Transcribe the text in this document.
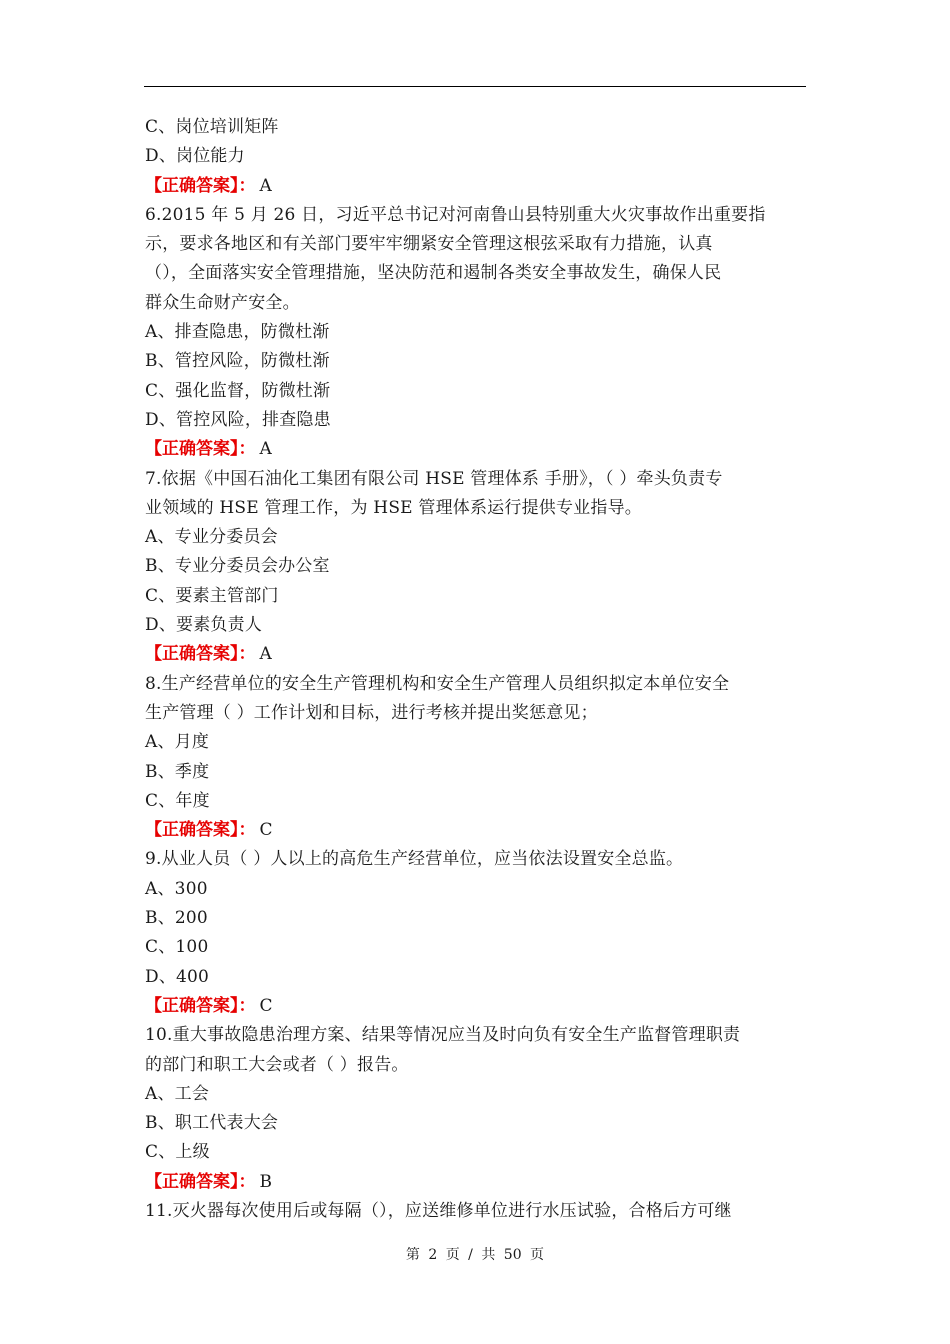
C、岗位培训矩阵
D、岗位能力
【正确答案】： A
6.2015 年 5 月 26 日，习近平总书记对河南鲁山县特别重大火灾事故作出重要指
示，要求各地区和有关部门要牢牢绷紧安全管理这根弦采取有力措施，认真
（），全面落实安全管理措施，坚决防范和遏制各类安全事故发生，确保人民
群众生命财产安全。
A、排查隐患，防微杜渐
B、管控风险，防微杜渐
C、强化监督，防微杜渐
D、管控风险，排查隐患
【正确答案】： A
7.依据《中国石油化工集团有限公司 HSE 管理体系 手册》，（ ）牵头负责专
业领域的 HSE 管理工作，为 HSE 管理体系运行提供专业指导。
A、专业分委员会
B、专业分委员会办公室
C、要素主管部门
D、要素负责人
【正确答案】： A
8.生产经营单位的安全生产管理机构和安全生产管理人员组织拟定本单位安全
生产管理（ ）工作计划和目标，进行考核并提出奖惩意见；
A、月度
B、季度
C、年度
【正确答案】： C
9.从业人员（ ）人以上的高危生产经营单位，应当依法设置安全总监。
A、300
B、200
C、100
D、400
【正确答案】： C
10.重大事故隐患治理方案、结果等情况应当及时向负有安全生产监督管理职责
的部门和职工大会或者（ ）报告。
A、工会
B、职工代表大会
C、上级
【正确答案】： B
11.灭火器每次使用后或每隔（），应送维修单位进行水压试验，合格后方可继
第 2 页 / 共 50 页
